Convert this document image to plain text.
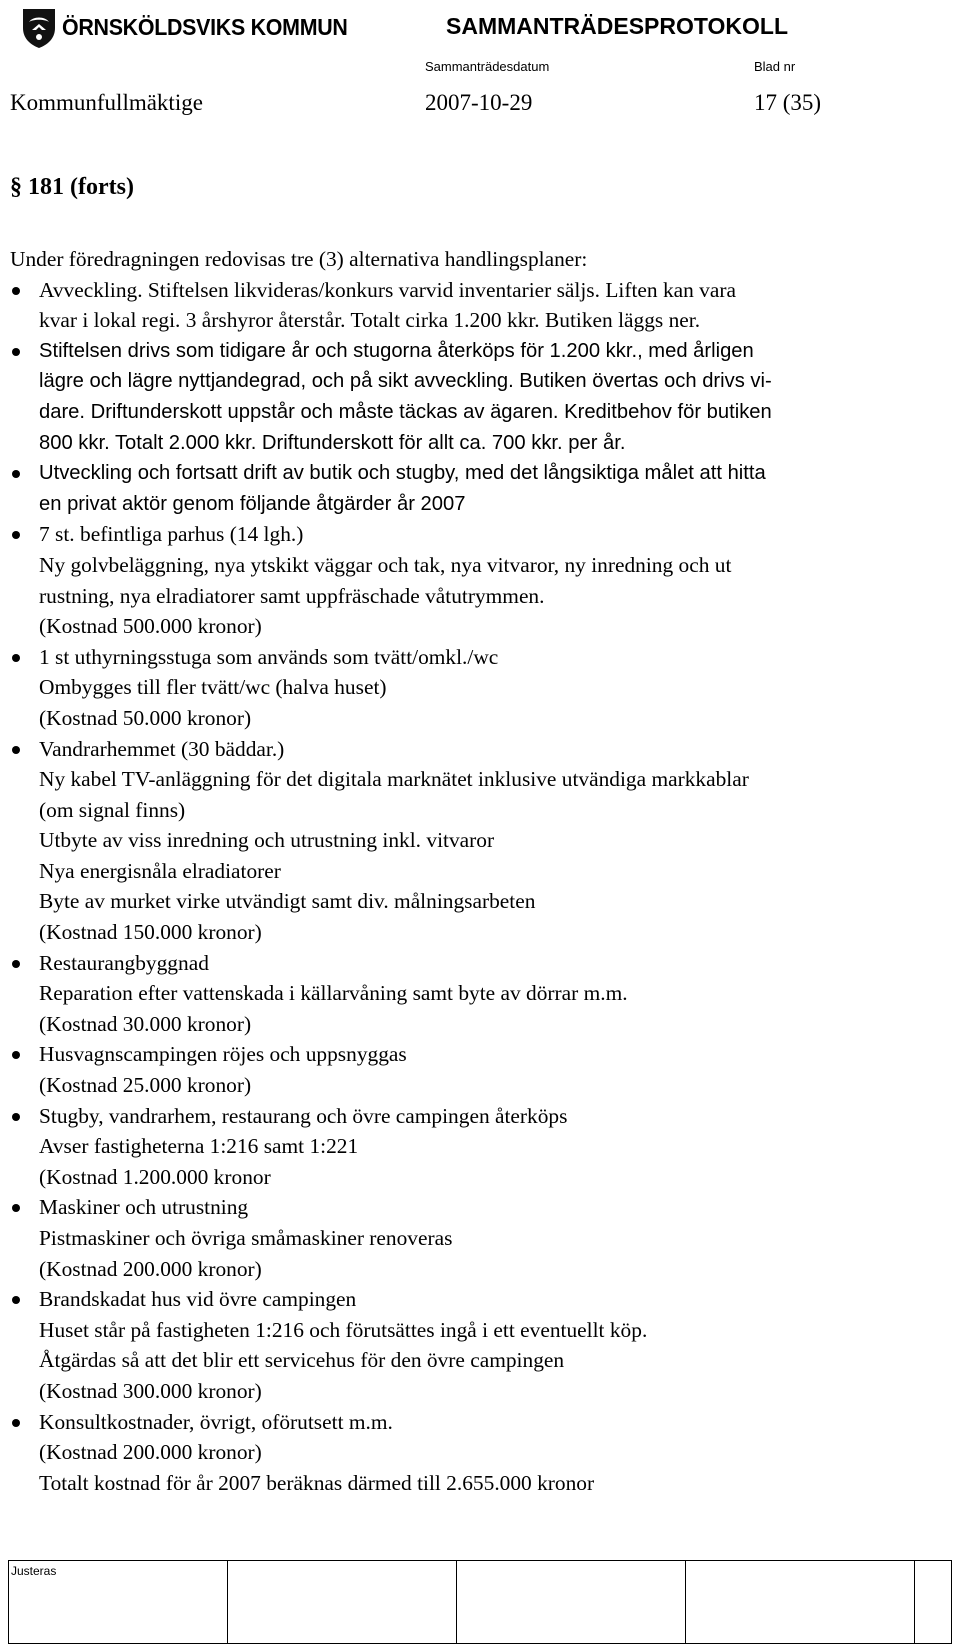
ÖRNSKÖLDSVIKS KOMMUN	SAMMANTRÄDESPROTOKOLL
Sammanträdesdatum	Blad nr
Kommunfullmäktige	2007-10-29	17 (35)
§ 181 (forts)

Under föredragningen redovisas tre (3) alternativa handlingsplaner:

Avveckling. Stiftelsen likvideras/konkurs varvid inventarier säljs. Liften kan vara
kvar i lokal regi. 3 årshyror återstår. Totalt cirka 1.200 kkr. Butiken läggs ner.
Stiftelsen drivs som tidigare år och stugorna återköps för 1.200 kkr., med årligen
lägre och lägre nyttjandegrad, och på sikt avveckling. Butiken övertas och drivs vi-
dare. Driftunderskott uppstår och måste täckas av ägaren. Kreditbehov för butiken
800 kkr. Totalt 2.000 kkr. Driftunderskott för allt ca. 700 kkr. per år.
Utveckling och fortsatt drift av butik och stugby, med det långsiktiga målet att hitta
en privat aktör genom följande åtgärder år 2007
7 st. befintliga parhus (14 lgh.)
Ny golvbeläggning, nya ytskikt väggar och tak, nya vitvaror, ny inredning och ut
rustning, nya elradiatorer samt uppfräschade våtutrymmen.
(Kostnad 500.000 kronor)
1 st uthyrningsstuga som används som tvätt/omkl./wc
Ombygges till fler tvätt/wc (halva huset)
(Kostnad 50.000 kronor)
Vandrarhemmet (30 bäddar.)
Ny kabel TV-anläggning för det digitala marknätet inklusive utvändiga markkablar
(om signal finns)
Utbyte av viss inredning och utrustning inkl. vitvaror
Nya energisnåla elradiatorer
Byte av murket virke utvändigt samt div. målningsarbeten
(Kostnad 150.000 kronor)
Restaurangbyggnad
Reparation efter vattenskada i källarvåning samt byte av dörrar m.m.
(Kostnad 30.000 kronor)
Husvagnscampingen röjes och uppsnyggas
(Kostnad 25.000 kronor)
Stugby, vandrarhem, restaurang och övre campingen återköps
Avser fastigheterna 1:216 samt 1:221
(Kostnad 1.200.000 kronor
Maskiner och utrustning
Pistmaskiner och övriga småmaskiner renoveras
(Kostnad 200.000 kronor)
Brandskadat hus vid övre campingen
Huset står på fastigheten 1:216 och förutsättes ingå i ett eventuellt köp.
Åtgärdas så att det blir ett servicehus för den övre campingen
(Kostnad 300.000 kronor)
Konsultkostnader, övrigt, oförutsett m.m.
(Kostnad 200.000 kronor)
Totalt kostnad för år 2007 beräknas därmed till 2.655.000 kronor
Justeras
